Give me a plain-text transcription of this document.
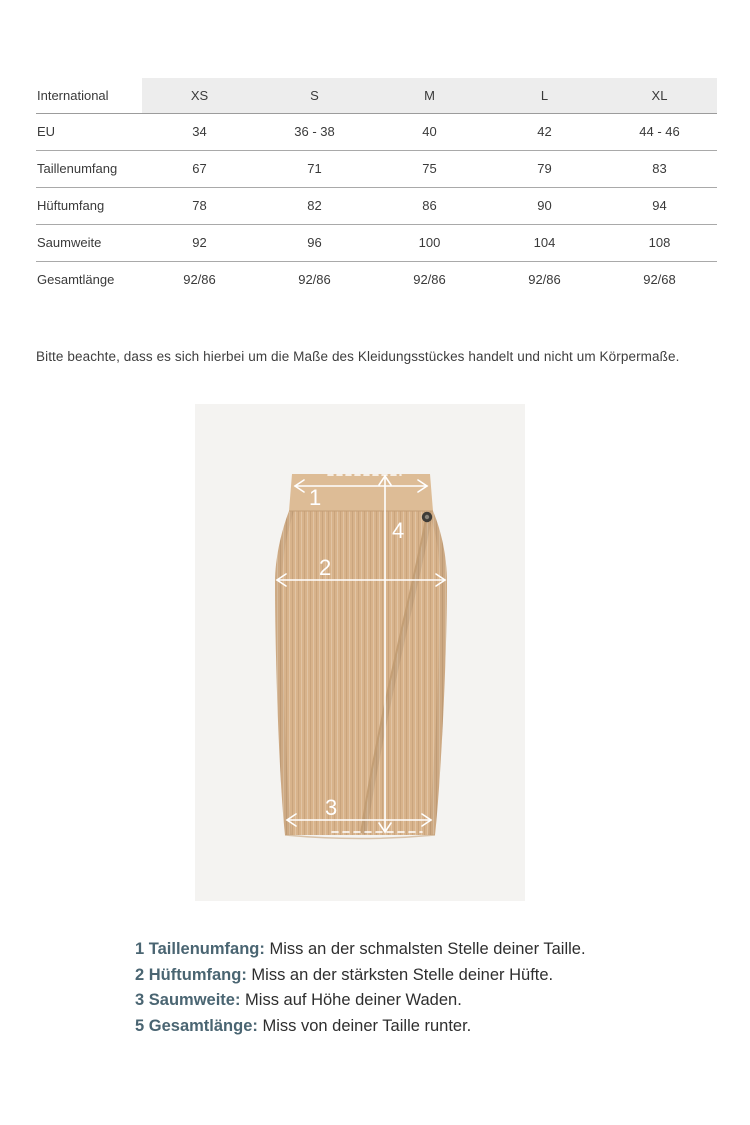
International	XS	S	M	L	XL
EU	34	36 - 38	40	42	44 - 46
Taillenumfang	67	71	75	79	83
Hüftumfang	78	82	86	90	94
Saumweite	92	96	100	104	108
Gesamtlänge	92/86	92/86	92/86	92/86	92/68
Bitte beachte, dass es sich hierbei um die Maße des Kleidungsstückes handelt und nicht um Körpermaße.
1
2
3
4
1 Taillenumfang: Miss an der schmalsten Stelle deiner Taille.
2 Hüftumfang: Miss an der stärksten Stelle deiner Hüfte.
3 Saumweite: Miss auf Höhe deiner Waden.
5 Gesamtlänge: Miss von deiner Taille runter.
